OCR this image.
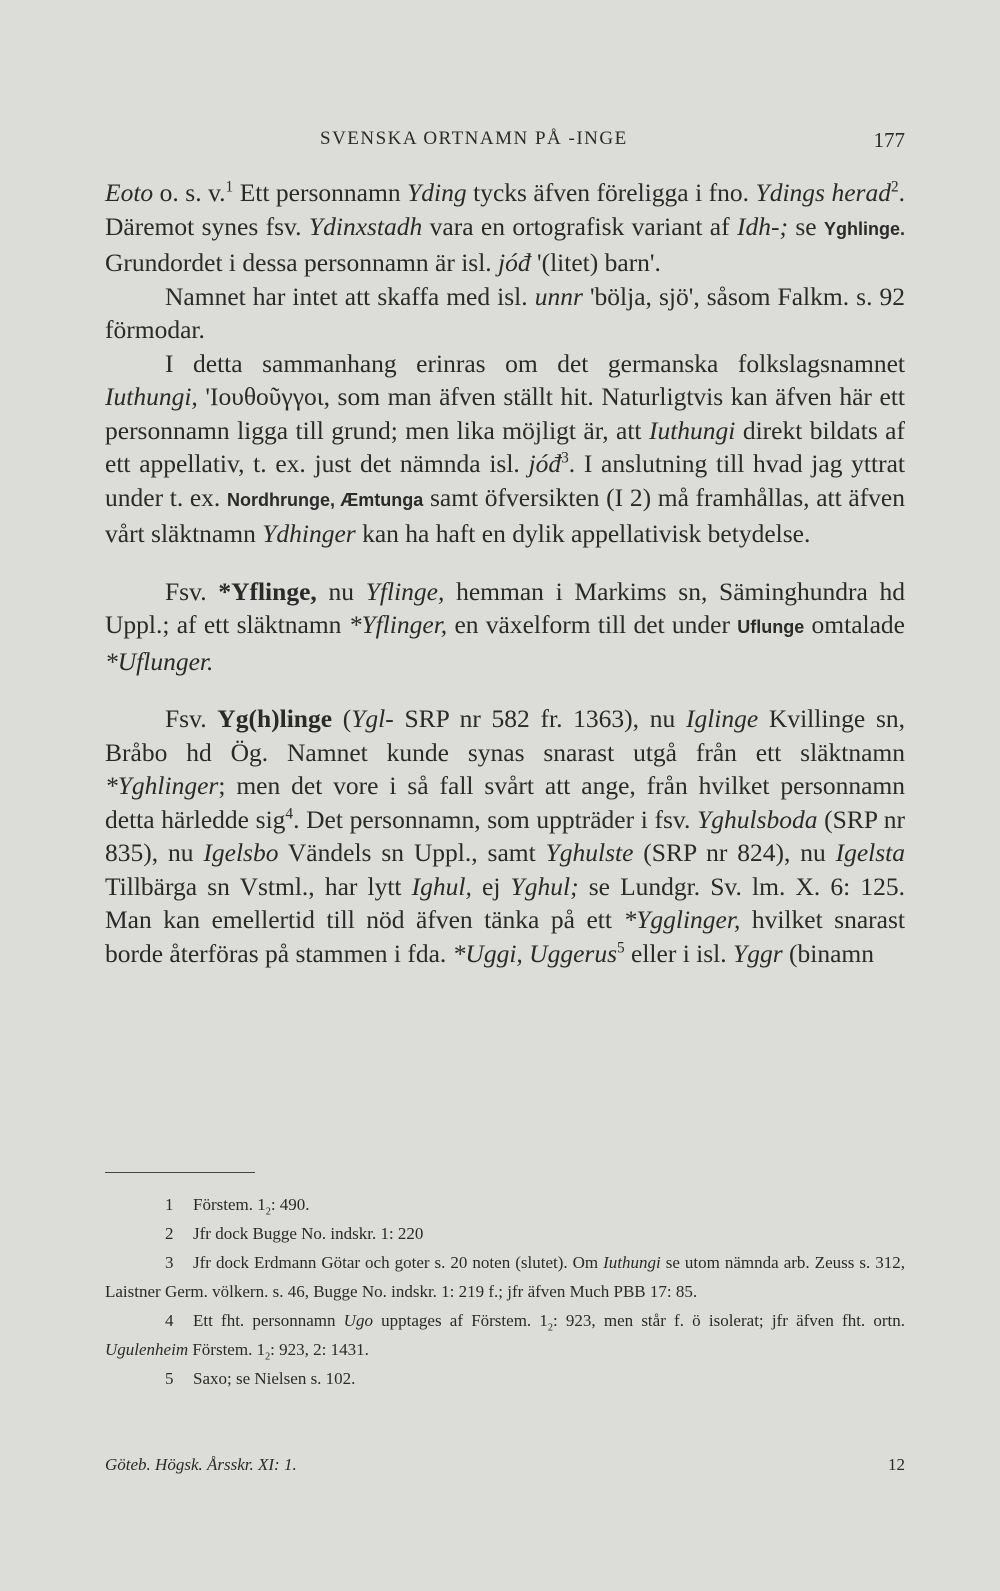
SVENSKA ORTNAMN PÅ -INGE	177

Eoto o. s. v.$^1$ Ett personnamn Yding tycks äfven föreligga i fno. Ydings herad$^2$. Däremot synes fsv. Ydinxstadh vara en ortografisk variant af Idh-; se Yghlinge. Grundordet i dessa personnamn är isl. jóđ '(litet) barn'.

Namnet har intet att skaffa med isl. unnr 'bölja, sjö', såsom Falkm. s. 92 förmodar.

I detta sammanhang erinras om det germanska folkslagsnamnet Iuthungi, 'Ιουθοῦγγοι, som man äfven ställt hit. Naturligtvis kan äfven här ett personnamn ligga till grund; men lika möjligt är, att Iuthungi direkt bildats af ett appellativ, t. ex. just det nämnda isl. jóđ$^3$. I anslutning till hvad jag yttrat under t. ex. Nordhrunge, Æmtunga samt öfversikten (I 2) må framhållas, att äfven vårt släktnamn Ydhinger kan ha haft en dylik appellativisk betydelse.

Fsv. *Yflinge, nu Yflinge, hemman i Markims sn, Säminghundra hd Uppl.; af ett släktnamn *Yflinger, en växelform till det under Uflunge omtalade *Uflunger.

Fsv. Yg(h)linge (Ygl- SRP nr 582 fr. 1363), nu Iglinge Kvillinge sn, Bråbo hd Ög. Namnet kunde synas snarast utgå från ett släktnamn *Yghlinger; men det vore i så fall svårt att ange, från hvilket personnamn detta härledde sig$^4$. Det personnamn, som uppträder i fsv. Yghulsboda (SRP nr 835), nu Igelsbo Vändels sn Uppl., samt Yghulste (SRP nr 824), nu Igelsta Tillbärga sn Vstml., har lytt Ighul, ej Yghul; se Lundgr. Sv. lm. X. 6: 125. Man kan emellertid till nöd äfven tänka på ett *Ygglinger, hvilket snarast borde återföras på stammen i fda. *Uggi, Uggerus$^5$ eller i isl. Yggr (binamn

1 Förstem. $1_2$: 490.

2 Jfr dock Bugge No. indskr. 1: 220

3 Jfr dock Erdmann Götar och goter s. 20 noten (slutet). Om Iuthungi se utom nämnda arb. Zeuss s. 312, Laistner Germ. völkern. s. 46, Bugge No. indskr. 1: 219 f.; jfr äfven Much PBB 17: 85.

4 Ett fht. personnamn Ugo upptages af Förstem. $1_2$: 923, men står f. ö isolerat; jfr äfven fht. ortn. Ugulenheim Förstem. $1_2$: 923, 2: 1431.

5 Saxo; se Nielsen s. 102.

Göteb. Högsk. Årsskr. XI: 1.	12
